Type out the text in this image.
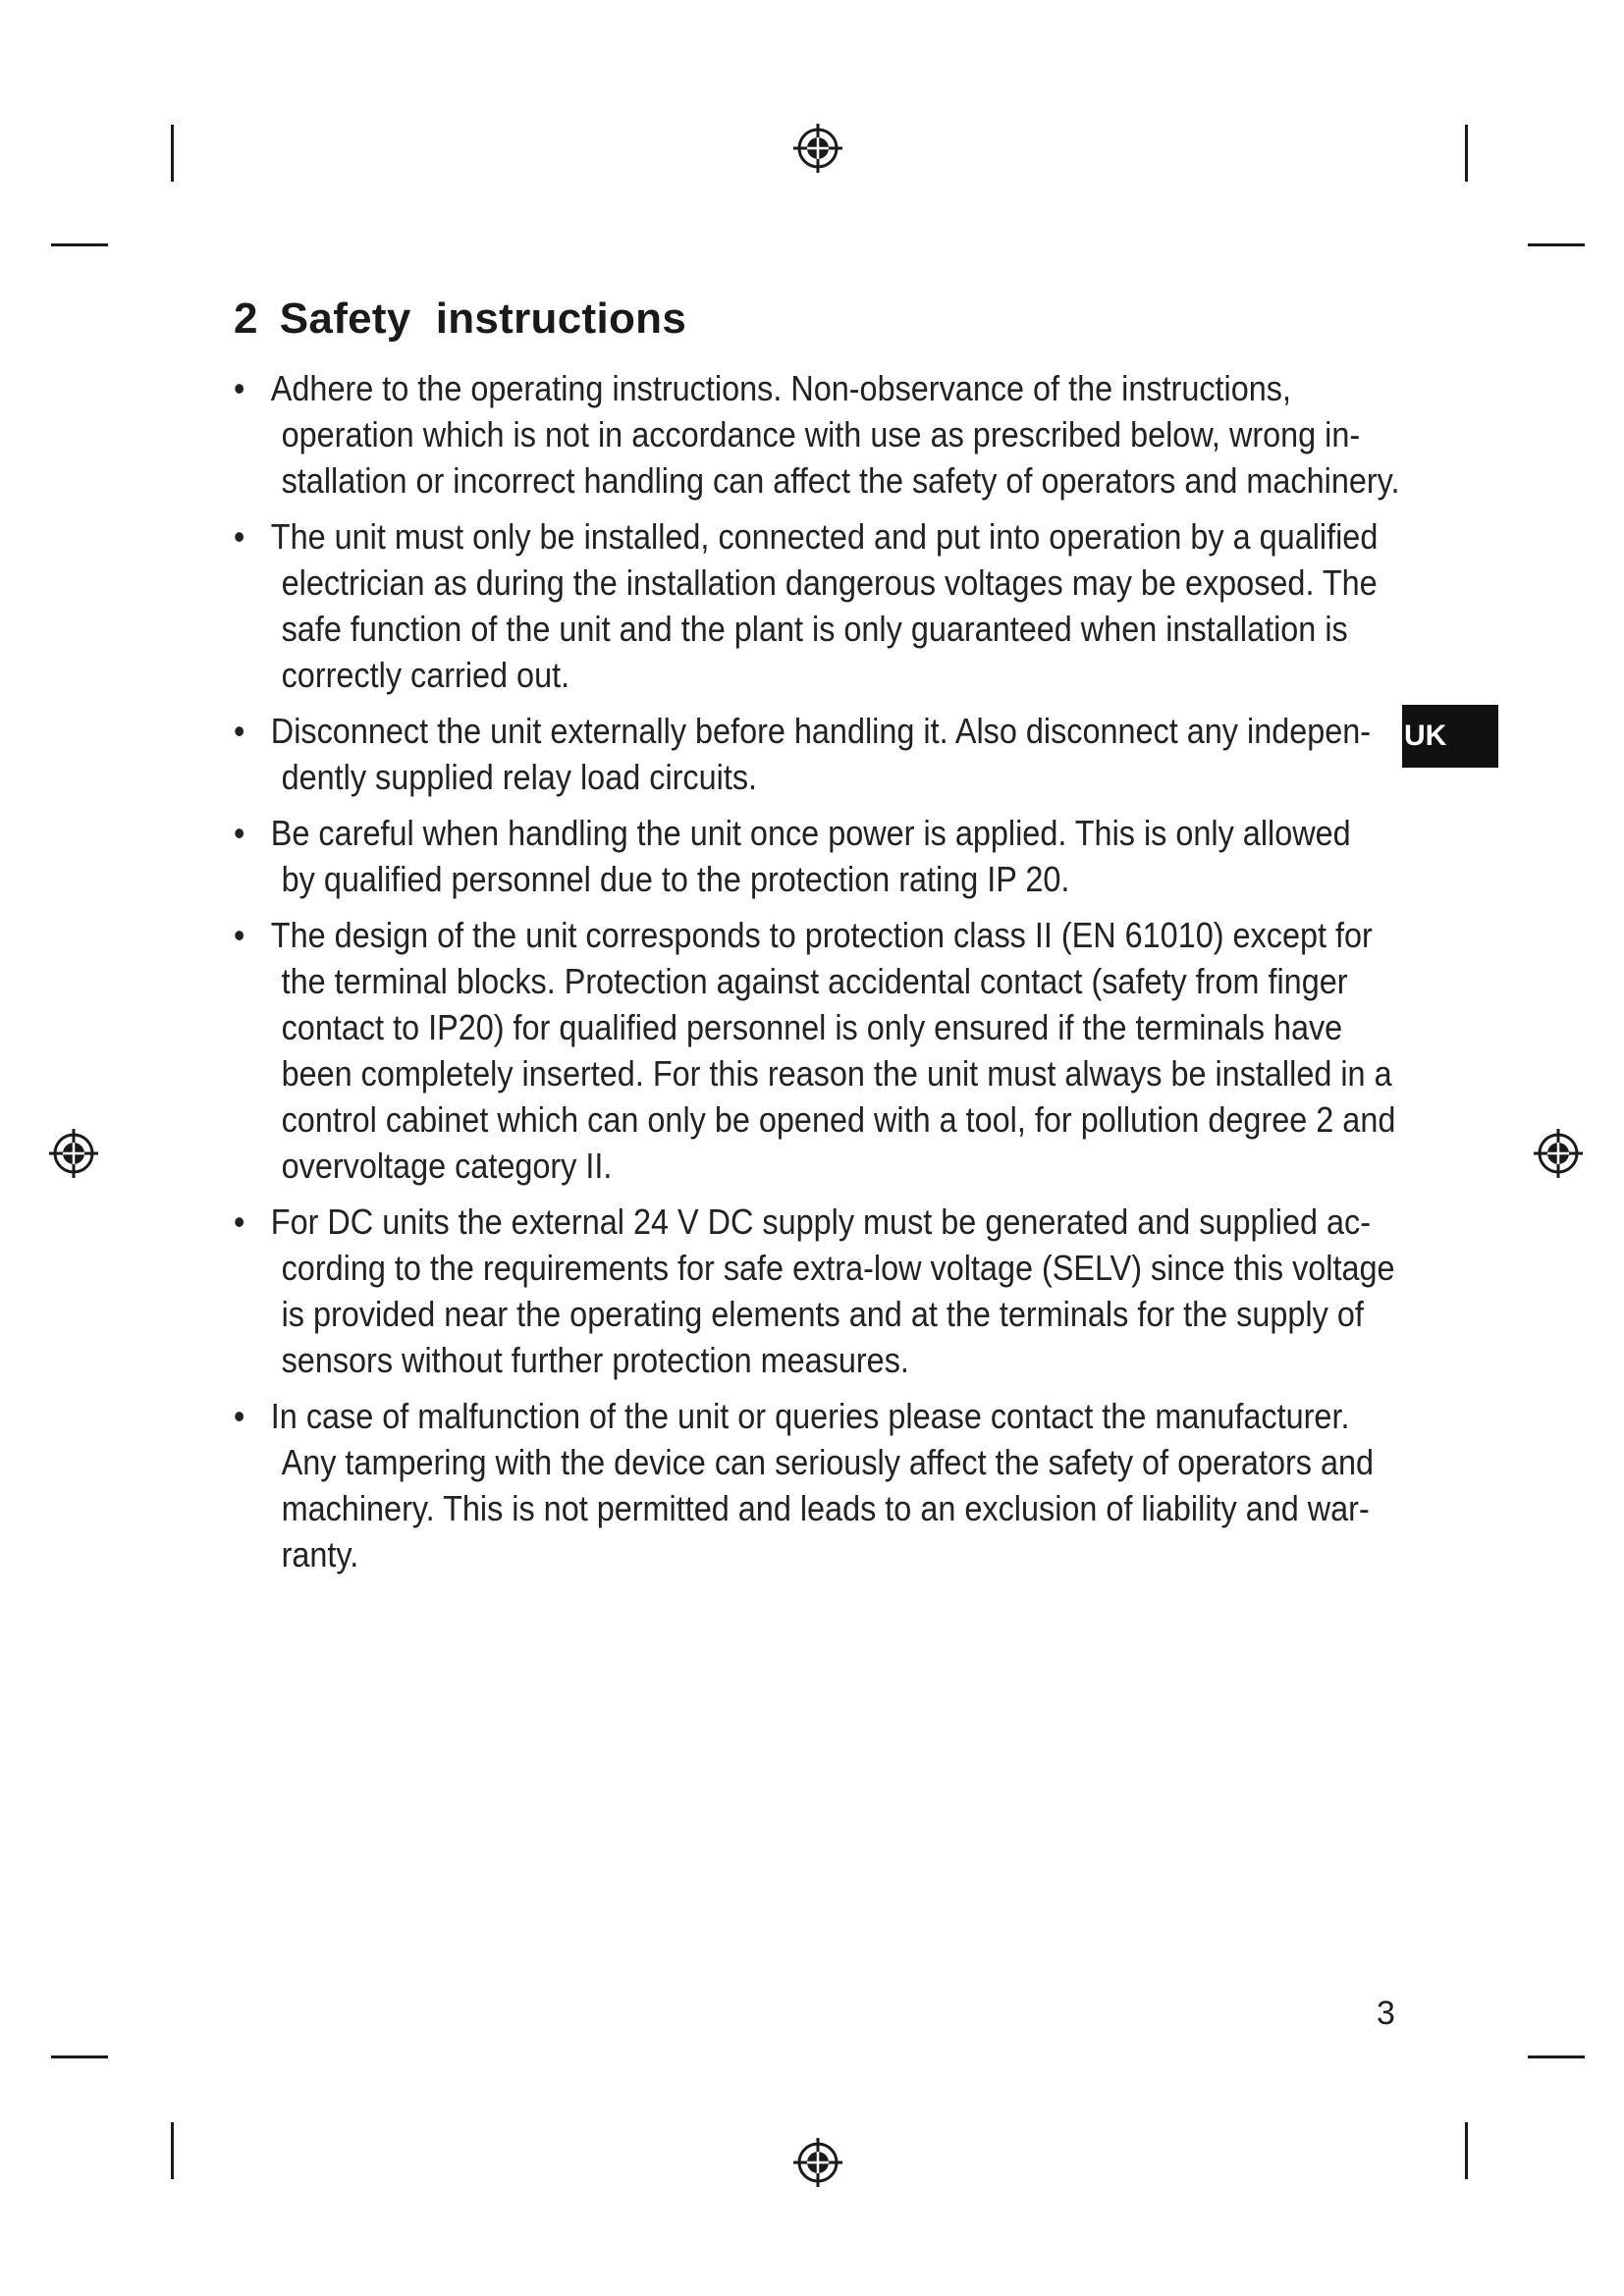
2 Safety  instructions
• Adhere to the operating instructions. Non-observance of the instructions,
operation which is not in accordance with use as prescribed below, wrong in-
stallation or incorrect handling can affect the safety of operators and machinery.
• The unit must only be installed, connected and put into operation by a qualified
electrician as during the installation dangerous voltages may be exposed. The
safe function of the unit and the plant is only guaranteed when installation is
correctly carried out.
• Disconnect the unit externally before handling it. Also disconnect any indepen-
dently supplied relay load circuits.
• Be careful when handling the unit once power is applied. This is only allowed
by qualified personnel due to the protection rating IP 20.
• The design of the unit corresponds to protection class II (EN 61010) except for
the terminal blocks. Protection against accidental contact (safety from finger
contact to IP20) for qualified personnel is only ensured if the terminals have
been completely inserted. For this reason the unit must always be installed in a
control cabinet which can only be opened with a tool, for pollution degree 2 and
overvoltage category II.
• For DC units the external 24 V DC supply must be generated and supplied ac-
cording to the requirements for safe extra-low voltage (SELV) since this voltage
is provided near the operating elements and at the terminals for the supply of
sensors without further protection measures.
• In case of malfunction of the unit or queries please contact the manufacturer.
Any tampering with the device can seriously affect the safety of operators and
machinery. This is not permitted and leads to an exclusion of liability and war-
ranty.
UK
3
